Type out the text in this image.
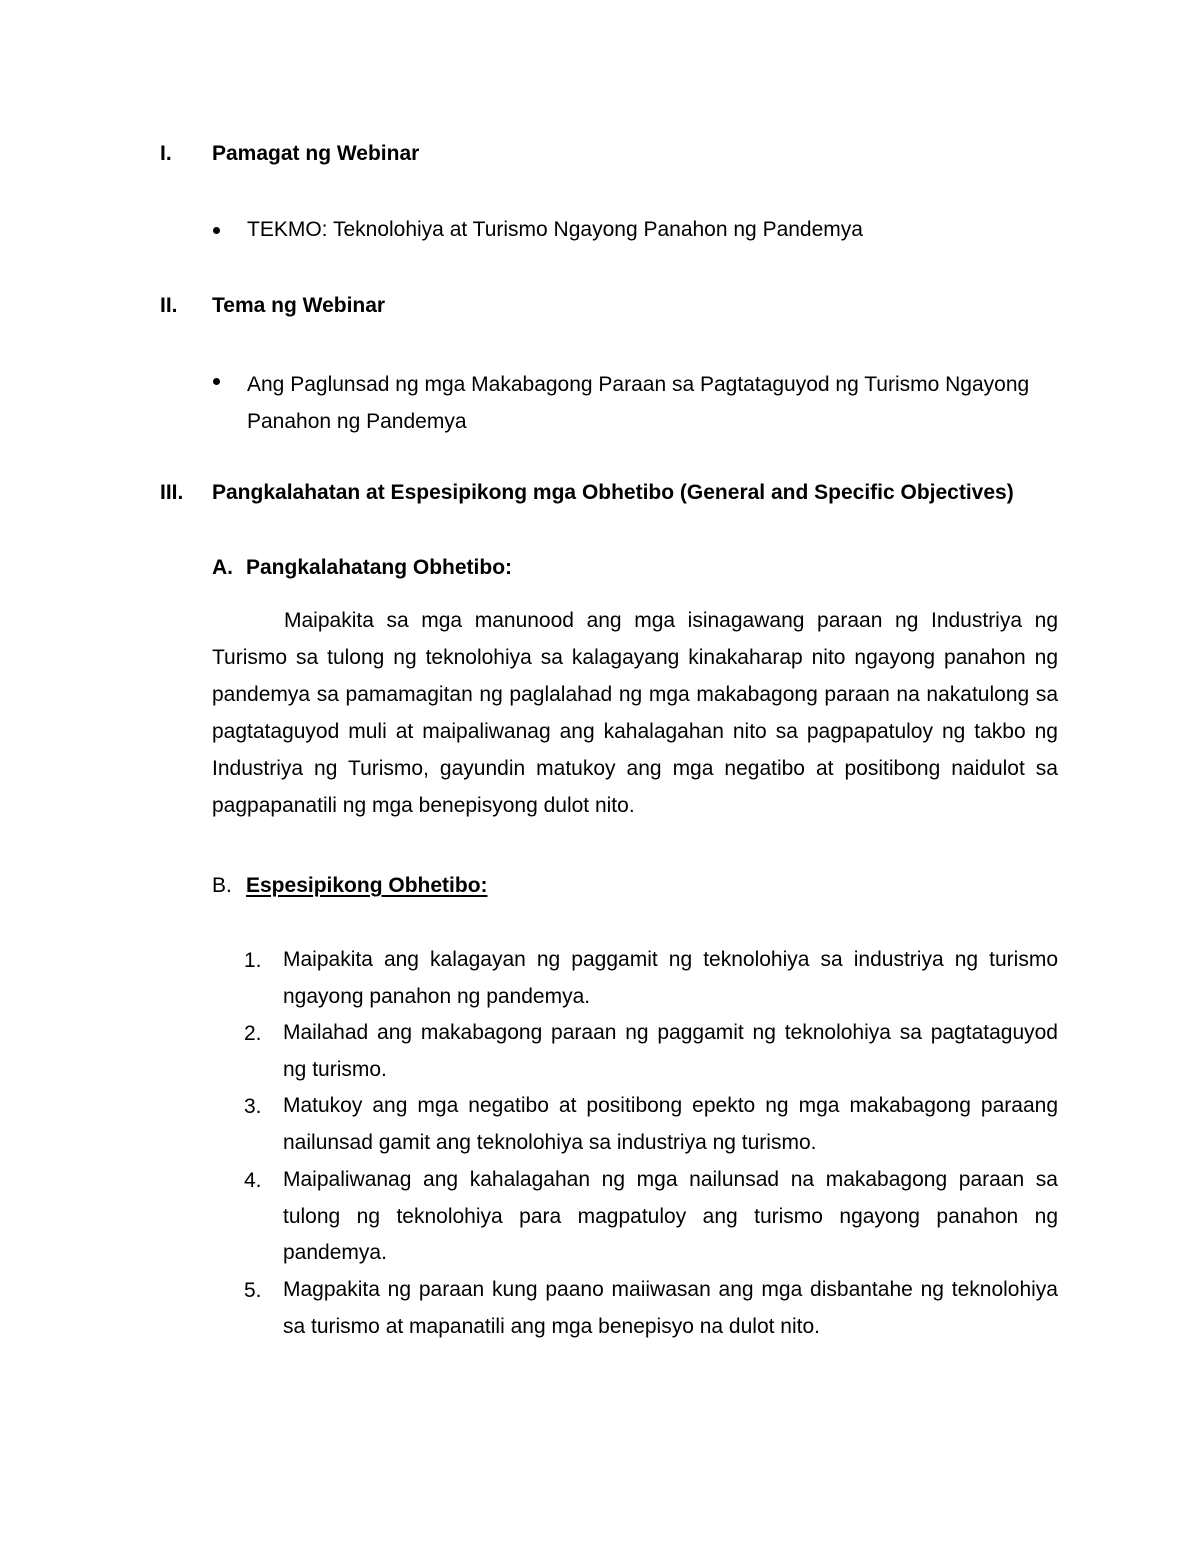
I. Pamagat ng Webinar
TEKMO: Teknolohiya at Turismo Ngayong Panahon ng Pandemya
II. Tema ng Webinar
Ang Paglunsad ng mga Makabagong Paraan sa Pagtataguyod ng Turismo Ngayong Panahon ng Pandemya
III. Pangkalahatan at Espesipikong mga Obhetibo (General and Specific Objectives)
A. Pangkalahatang Obhetibo:
Maipakita sa mga manunood ang mga isinagawang paraan ng Industriya ng Turismo sa tulong ng teknolohiya sa kalagayang kinakaharap nito ngayong panahon ng pandemya sa pamamagitan ng paglalahad ng mga makabagong paraan na nakatulong sa pagtataguyod muli at maipaliwanag ang kahalagahan nito sa pagpapatuloy ng takbo ng Industriya ng Turismo, gayundin matukoy ang mga negatibo at positibong naidulot sa pagpapanatili ng mga benepisyong dulot nito.
B. Espesipikong Obhetibo:
1. Maipakita ang kalagayan ng paggamit ng teknolohiya sa industriya ng turismo ngayong panahon ng pandemya.
2. Mailahad ang makabagong paraan ng paggamit ng teknolohiya sa pagtataguyod ng turismo.
3. Matukoy ang mga negatibo at positibong epekto ng mga makabagong paraang nailunsad gamit ang teknolohiya sa industriya ng turismo.
4. Maipaliwanag ang kahalagahan ng mga nailunsad na makabagong paraan sa tulong ng teknolohiya para magpatuloy ang turismo ngayong panahon ng pandemya.
5. Magpakita ng paraan kung paano maiiwasan ang mga disbantahe ng teknolohiya sa turismo at mapanatili ang mga benepisyo na dulot nito.
